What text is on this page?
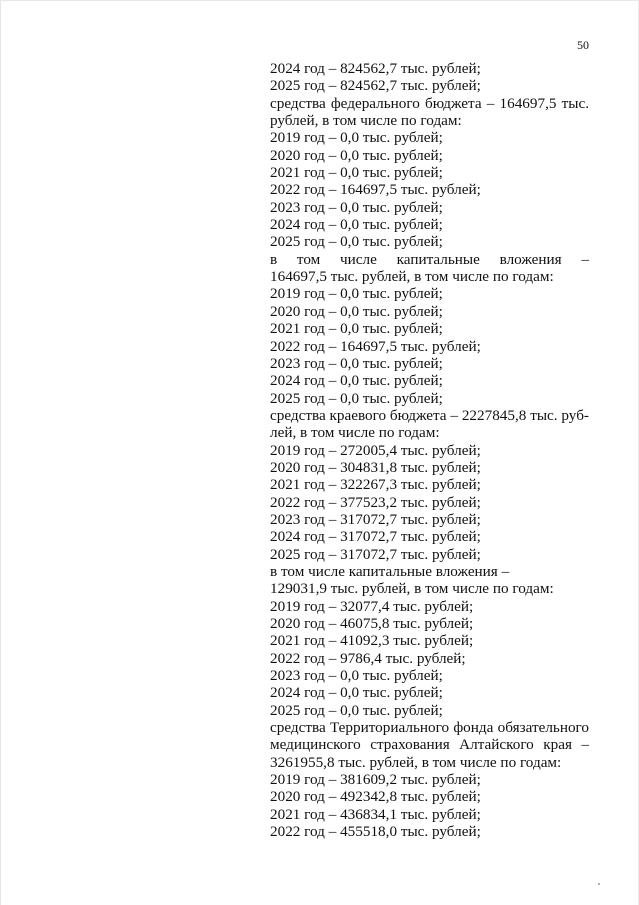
50
2024 год – 824562,7 тыс. рублей;
2025 год – 824562,7 тыс. рублей;
средства федерального бюджета – 164697,5 тыс.
рублей, в том числе по годам:
2019 год – 0,0 тыс. рублей;
2020 год – 0,0 тыс. рублей;
2021 год – 0,0 тыс. рублей;
2022 год – 164697,5 тыс. рублей;
2023 год – 0,0 тыс. рублей;
2024 год – 0,0 тыс. рублей;
2025 год – 0,0 тыс. рублей;
в том числе капитальные вложения –
164697,5 тыс. рублей, в том числе по годам:
2019 год – 0,0 тыс. рублей;
2020 год – 0,0 тыс. рублей;
2021 год – 0,0 тыс. рублей;
2022 год – 164697,5 тыс. рублей;
2023 год – 0,0 тыс. рублей;
2024 год – 0,0 тыс. рублей;
2025 год – 0,0 тыс. рублей;
средства краевого бюджета – 2227845,8 тыс. руб-
лей, в том числе по годам:
2019 год – 272005,4 тыс. рублей;
2020 год – 304831,8 тыс. рублей;
2021 год – 322267,3 тыс. рублей;
2022 год – 377523,2 тыс. рублей;
2023 год – 317072,7 тыс. рублей;
2024 год – 317072,7 тыс. рублей;
2025 год – 317072,7 тыс. рублей;
в том числе капитальные вложения –
129031,9 тыс. рублей, в том числе по годам:
2019 год – 32077,4 тыс. рублей;
2020 год – 46075,8 тыс. рублей;
2021 год – 41092,3 тыс. рублей;
2022 год – 9786,4 тыс. рублей;
2023 год – 0,0 тыс. рублей;
2024 год – 0,0 тыс. рублей;
2025 год – 0,0 тыс. рублей;
средства Территориального фонда обязательного
медицинского страхования Алтайского края –
3261955,8 тыс. рублей, в том числе по годам:
2019 год – 381609,2 тыс. рублей;
2020 год – 492342,8 тыс. рублей;
2021 год – 436834,1 тыс. рублей;
2022 год – 455518,0 тыс. рублей;
